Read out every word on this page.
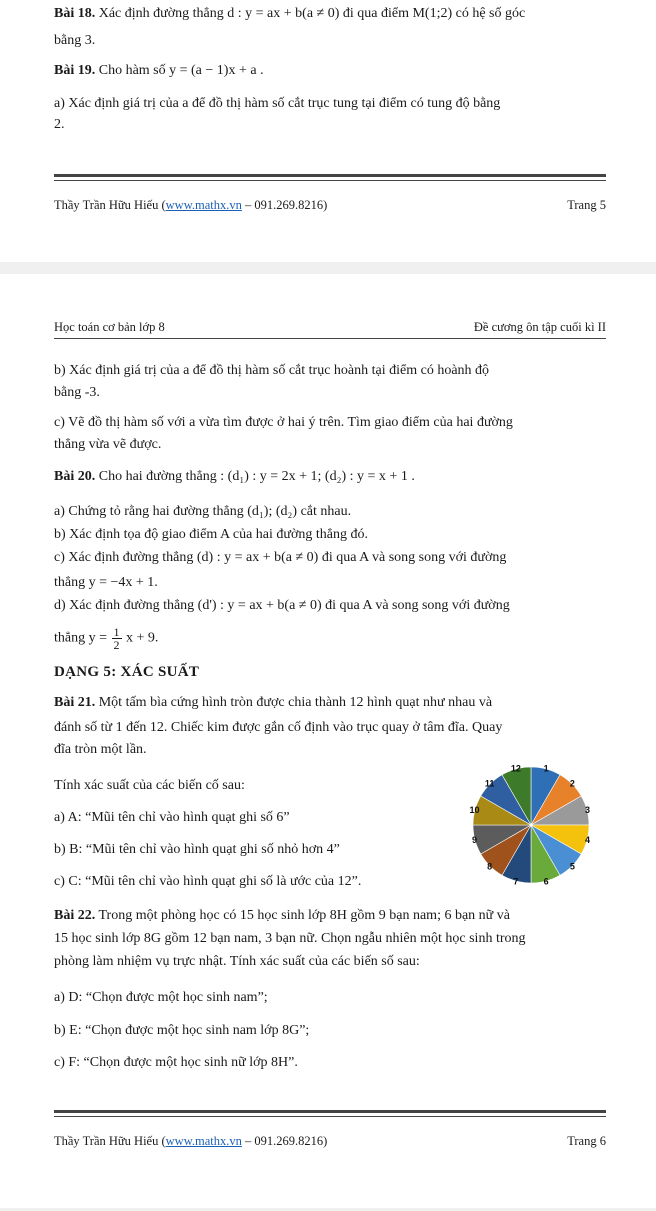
Bài 18. Xác định đường thẳng d : y = ax + b(a ≠ 0) đi qua điểm M(1;2) có hệ số góc
bằng 3.
Bài 19. Cho hàm số y = (a − 1)x + a .
a) Xác định giá trị của a để đồ thị hàm số cắt trục tung tại điểm có tung độ bằng
2.
Thầy Trần Hữu Hiếu (www.mathx.vn – 091.269.8216)	Trang 5
Học toán cơ bản lớp 8	Đề cương ôn tập cuối kì II
b) Xác định giá trị của a để đồ thị hàm số cắt trục hoành tại điểm có hoành độ
bằng -3.
c) Vẽ đồ thị hàm số với a vừa tìm được ở hai ý trên. Tìm giao điểm của hai đường
thẳng vừa vẽ được.
Bài 20. Cho hai đường thẳng : (d₁) : y = 2x + 1; (d₂) : y = x + 1 .
a) Chứng tỏ rằng hai đường thẳng (d₁); (d₂) cắt nhau.
b) Xác định tọa độ giao điểm A của hai đường thẳng đó.
c) Xác định đường thẳng (d) : y = ax + b(a ≠ 0) đi qua A và song song với đường
thẳng y = −4x + 1.
d) Xác định đường thẳng (d') : y = ax + b(a ≠ 0) đi qua A và song song với đường
thẳng $y = \frac{1}{2}$ x + 9.
DẠNG 5: XÁC SUẤT
Bài 21. Một tấm bìa cứng hình tròn được chia thành 12 hình quạt như nhau và
đánh số từ 1 đến 12. Chiếc kim được gắn cố định vào trục quay ở tâm đĩa. Quay
đĩa tròn một lần.
Tính xác suất của các biến cố sau:
a) A: “Mũi tên chỉ vào hình quạt ghi số 6”
b) B: “Mũi tên chỉ vào hình quạt ghi số nhỏ hơn 4”
c) C: “Mũi tên chỉ vào hình quạt ghi số là ước của 12”.
Bài 22. Trong một phòng học có 15 học sinh lớp 8H gồm 9 bạn nam; 6 bạn nữ và
15 học sinh lớp 8G gồm 12 bạn nam, 3 bạn nữ. Chọn ngẫu nhiên một học sinh trong
phòng làm nhiệm vụ trực nhật. Tính xác suất của các biến số sau:
a) D: “Chọn được một học sinh nam”;
b) E: “Chọn được một học sinh nam lớp 8G”;
c) F: “Chọn được một học sinh nữ lớp 8H”.
Thầy Trần Hữu Hiếu (www.mathx.vn – 091.269.8216)	Trang 6
1
2
3
4
5
6
7
8
9
10
11
12
